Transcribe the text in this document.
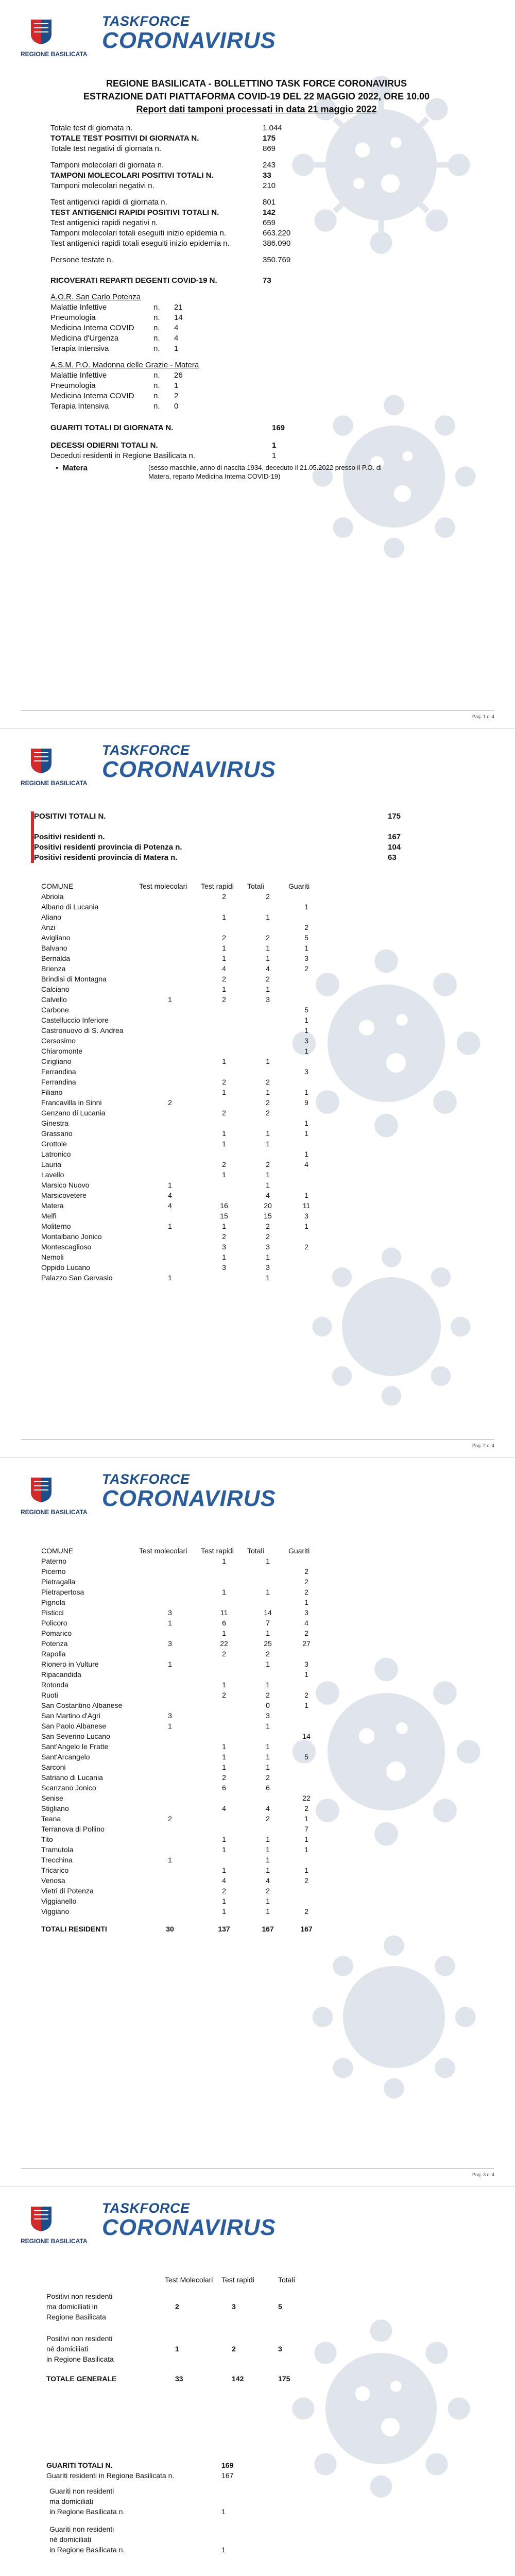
REGIONE BASILICATA
TASKFORCE
CORONAVIRUS
REGIONE BASILICATA - BOLLETTINO TASK FORCE CORONAVIRUS
ESTRAZIONE DATI PIATTAFORMA COVID-19 DEL 22 MAGGIO 2022, ORE 10.00
Report dati tamponi processati in data 21 maggio 2022
Totale test di giornata n.	1.044
TOTALE TEST POSITIVI DI GIORNATA N.	175
Totale test negativi di giornata n.	869
Tamponi molecolari di giornata n.	243
TAMPONI MOLECOLARI POSITIVI TOTALI N.	33
Tamponi molecolari negativi n.	210
Test antigenici rapidi di giornata n.	801
TEST ANTIGENICI RAPIDI POSITIVI TOTALI N.	142
Test antigenici rapidi negativi n.	659
Tamponi molecolari totali eseguiti inizio epidemia n.	663.220
Test antigenici rapidi totali eseguiti inizio epidemia n.	386.090
Persone testate n.	350.769
RICOVERATI REPARTI DEGENTI COVID-19 N.	73
A.O.R. San Carlo Potenza
Malattie Infettive	n.	21
Pneumologia	n.	14
Medicina Interna COVID	n.	4
Medicina d'Urgenza	n.	4
Terapia Intensiva	n.	1
A.S.M. P.O. Madonna delle Grazie - Matera
Malattie Infettive	n.	26
Pneumologia	n.	1
Medicina Interna COVID	n.	2
Terapia Intensiva	n.	0
GUARITI TOTALI DI GIORNATA N.	169
DECESSI ODIERNI TOTALI N.	1
Deceduti residenti in Regione Basilicata n.	1
•  Matera	(sesso maschile, anno di nascita 1934, deceduto il 21.05.2022 presso il P.O. di Matera, reparto Medicina Interna COVID-19)
Pag. 1 di 4
REGIONE BASILICATA
TASKFORCE
CORONAVIRUS
POSITIVI TOTALI N.	175

Positivi residenti n.	167
Positivi residenti provincia di Potenza n.	104
Positivi residenti provincia di Matera n.	63
COMUNE	Test molecolari	Test rapidi	Totali	Guariti
Abriola		2	2	
Albano di Lucania				1
Aliano		1	1	
Anzi				2
Avigliano		2	2	5
Balvano		1	1	1
Bernalda		1	1	3
Brienza		4	4	2
Brindisi di Montagna		2	2	
Calciano		1	1	
Calvello	1	2	3	
Carbone				5
Castelluccio Inferiore				1
Castronuovo di S. Andrea				1
Cersosimo				3
Chiaromonte				1
Cirigliano		1	1	
Ferrandina				3
Ferrandina		2	2	
Filiano		1	1	1
Francavilla in Sinni	2		2	9
Genzano di Lucania		2	2	
Ginestra				1
Grassano		1	1	1
Grottole		1	1	
Latronico				1
Lauria		2	2	4
Lavello		1	1	
Marsico Nuovo	1		1	
Marsicovetere	4		4	1
Matera	4	16	20	11
Melfi		15	15	3
Moliterno	1	1	2	1
Montalbano Jonico		2	2	
Montescaglioso		3	3	2
Nemoli		1	1	
Oppido Lucano		3	3	
Palazzo San Gervasio	1		1	
Pag. 2 di 4
REGIONE BASILICATA
TASKFORCE
CORONAVIRUS
COMUNE	Test molecolari	Test rapidi	Totali	Guariti
Paterno		1	1	
Picerno				2
Pietragalla				2
Pietrapertosa		1	1	2
Pignola				1
Pisticci	3	11	14	3
Policoro	1	6	7	4
Pomarico		1	1	2
Potenza	3	22	25	27
Rapolla		2	2	
Rionero in Vulture	1		1	3
Ripacandida				1
Rotonda		1	1	
Ruoti		2	2	2
San Costantino Albanese			0	1
San Martino d'Agri	3		3	
San Paolo Albanese	1		1	
San Severino Lucano				14
Sant'Angelo le Fratte		1	1	
Sant'Arcangelo		1	1	5
Sarconi		1	1	
Satriano di Lucania		2	2	
Scanzano Jonico		6	6	
Senise				22
Stigliano		4	4	2
Teana	2		2	1
Terranova di Pollino				7
Tito		1	1	1
Tramutola		1	1	1
Trecchina	1		1	
Tricarico		1	1	1
Venosa		4	4	2
Vietri di Potenza		2	2	
Viggianello		1	1	
Viggiano		1	1	2
TOTALI RESIDENTI	30	137	167	167
Pag. 3 di 4
REGIONE BASILICATA
TASKFORCE
CORONAVIRUS
	Test Molecolari	Test rapidi	Totali

Positivi non residenti			
ma domiciliati in	2	3	5
Regione Basilicata			

Positivi non residenti			
né domiciliati	1	2	3
in Regione Basilicata			

TOTALE GENERALE	33	142	175
GUARITI TOTALI N.	169
Guariti residenti in Regione Basilicata n.	167

Guariti non residenti	
ma domiciliati	
in Regione Basilicata n.	1

Guariti non residenti	
né domiciliati	
in Regione Basilicata n.	1
